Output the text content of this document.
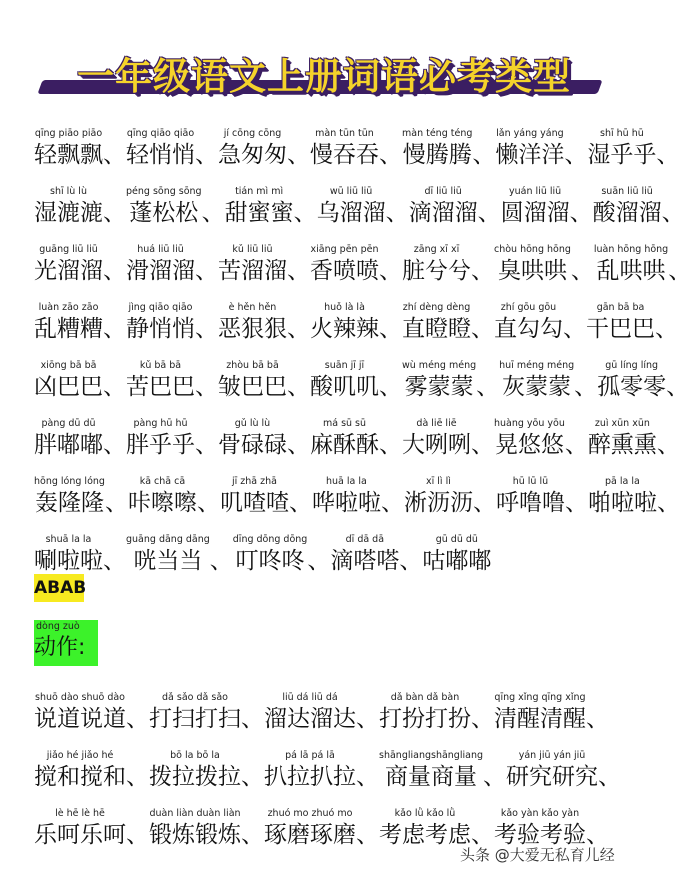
一年级语文上册词语必考类型
qīng piāo piāo
轻飘飘 、
qīng qiāo qiāo
轻悄悄 、
jí cōng cōng
急匆匆 、
màn tūn tūn
慢吞吞 、
màn téng téng
慢腾腾 、
lǎn yáng yáng
懒洋洋 、
shī hū hū
湿乎乎 、
shī lù lù
湿漉漉 、
péng sōng sōng
蓬松松 、
tián mì mì
甜蜜蜜 、
wū liū liū
乌溜溜 、
dī liū liū
滴溜溜 、
yuán liū liū
圆溜溜 、
suān liū liū
酸溜溜 、
guāng liū liū
光溜溜 、
huá liū liū
滑溜溜 、
kǔ liū liū
苦溜溜 、
xiāng pēn pēn
香喷喷 、
zāng xī xī
脏兮兮 、
chòu hōng hōng
臭哄哄 、
luàn hōng hōng
乱哄哄 、
luàn zāo zāo
乱糟糟 、
jìng qiāo qiāo
静悄悄 、
è hěn hěn
恶狠狠 、
huǒ là là
火辣辣 、
zhí dèng dèng
直瞪瞪 、
zhí gōu gōu
直勾勾 、
gān bā ba
干巴巴 、
xiōng bā bā
凶巴巴 、
kǔ bā bā
苦巴巴 、
zhòu bā bā
皱巴巴 、
suān jī jī
酸叽叽 、
wù méng méng
雾蒙蒙 、
huī méng méng
灰蒙蒙 、
gū líng líng
孤零零 、
pàng dū dū
胖嘟嘟 、
pàng hū hū
胖乎乎 、
gǔ lù lù
骨碌碌 、
má sū sū
麻酥酥 、
dà liē liē
大咧咧 、
huàng yōu yōu
晃悠悠 、
zuì xūn xūn
醉熏熏 、
hōng lóng lóng
轰隆隆 、
kā chā cā
咔嚓嚓 、
jī zhā zhā
叽喳喳 、
huā la la
哗啦啦 、
xī lì lì
淅沥沥 、
hū lū lū
呼噜噜 、
pā la la
啪啦啦 、
shuā la la
唰啦啦 、
guāng dāng dāng
咣当当 、
dīng dōng dōng
叮咚咚 、
dī dā dā
滴嗒嗒 、
gū dū dū
咕嘟嘟
ABAB
dòng zuò
动作:
shuō dào shuō dào
说道说道 、
dǎ sǎo dǎ sǎo
打扫打扫 、
liū dá liū dá
溜达溜达 、
dǎ bàn dǎ bàn
打扮打扮 、
qīng xǐng qīng xǐng
清醒清醒 、
jiǎo hé jiǎo hé
搅和搅和 、
bō la bō la
拨拉拨拉 、
pá lā pá lā
扒拉扒拉 、
shāngliangshāngliang
商量商量 、
yán jiū yán jiū
研究研究 、
lè hē lè hē
乐呵乐呵 、
duàn liàn duàn liàn
锻炼锻炼 、
zhuó mo zhuó mo
琢磨琢磨 、
kǎo lǜ kǎo lǜ
考虑考虑 、
kǎo yàn kǎo yàn
考验考验 、
头条 @大爱无私育儿经
